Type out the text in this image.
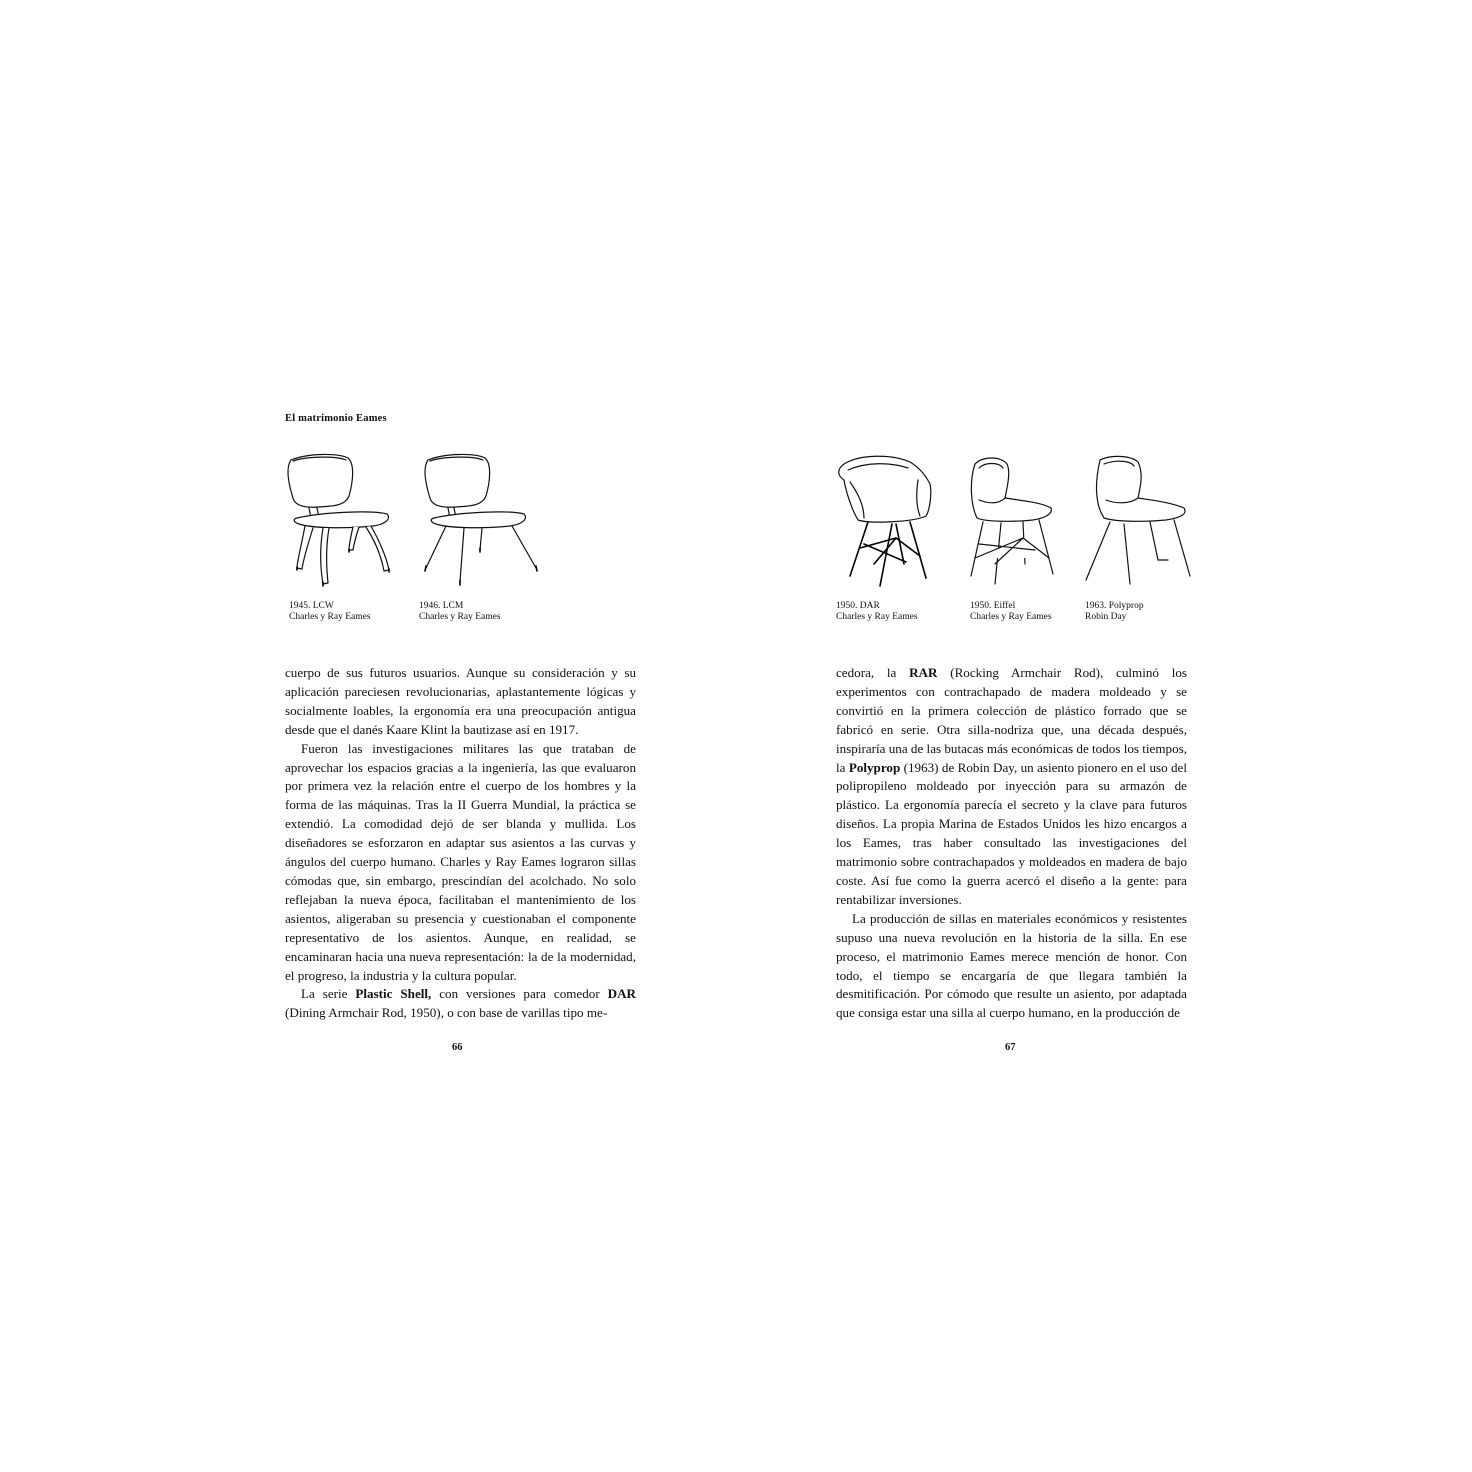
El matrimonio Eames
1945. LCW
Charles y Ray Eames
1946. LCM
Charles y Ray Eames

cuerpo de sus futuros usuarios. Aunque su consideración y su aplicación pareciesen revolucionarias, aplastantemente lógicas y socialmente loables, la ergonomía era una preocupación antigua desde que el danés Kaare Klint la bautizase así en 1917.

Fueron las investigaciones militares las que trataban de aprovechar los espacios gracias a la ingeniería, las que evaluaron por primera vez la relación entre el cuerpo de los hombres y la forma de las máquinas. Tras la II Guerra Mundial, la práctica se extendió. La comodidad dejó de ser blanda y mullida. Los diseñadores se esforzaron en adaptar sus asientos a las curvas y ángulos del cuerpo humano. Charles y Ray Eames lograron sillas cómodas que, sin embargo, prescindían del acolchado. No solo reflejaban la nueva época, facilitaban el mantenimiento de los asientos, aligeraban su presencia y cuestionaban el componente representativo de los asientos. Aunque, en realidad, se encaminaran hacia una nueva representación: la de la modernidad, el progreso, la industria y la cultura popular.

La serie Plastic Shell, con versiones para comedor DAR (Dining Armchair Rod, 1950), o con base de varillas tipo me-

66
1950. DAR
Charles y Ray Eames
1950. Eiffel
Charles y Ray Eames
1963. Polyprop
Robin Day

cedora, la RAR (Rocking Armchair Rod), culminó los experimentos con contrachapado de madera moldeado y se convirtió en la primera colección de plástico forrado que se fabricó en serie. Otra silla-nodriza que, una década después, inspiraría una de las butacas más económicas de todos los tiempos, la Polyprop (1963) de Robin Day, un asiento pionero en el uso del polipropileno moldeado por inyección para su armazón de plástico. La ergonomía parecía el secreto y la clave para futuros diseños. La propia Marina de Estados Unidos les hizo encargos a los Eames, tras haber consultado las investigaciones del matrimonio sobre contrachapados y moldeados en madera de bajo coste. Así fue como la guerra acercó el diseño a la gente: para rentabilizar inversiones.

La producción de sillas en materiales económicos y resistentes supuso una nueva revolución en la historia de la silla. En ese proceso, el matrimonio Eames merece mención de honor. Con todo, el tiempo se encargaría de que llegara también la desmitificación. Por cómodo que resulte un asiento, por adaptada que consiga estar una silla al cuerpo humano, en la producción de

67
